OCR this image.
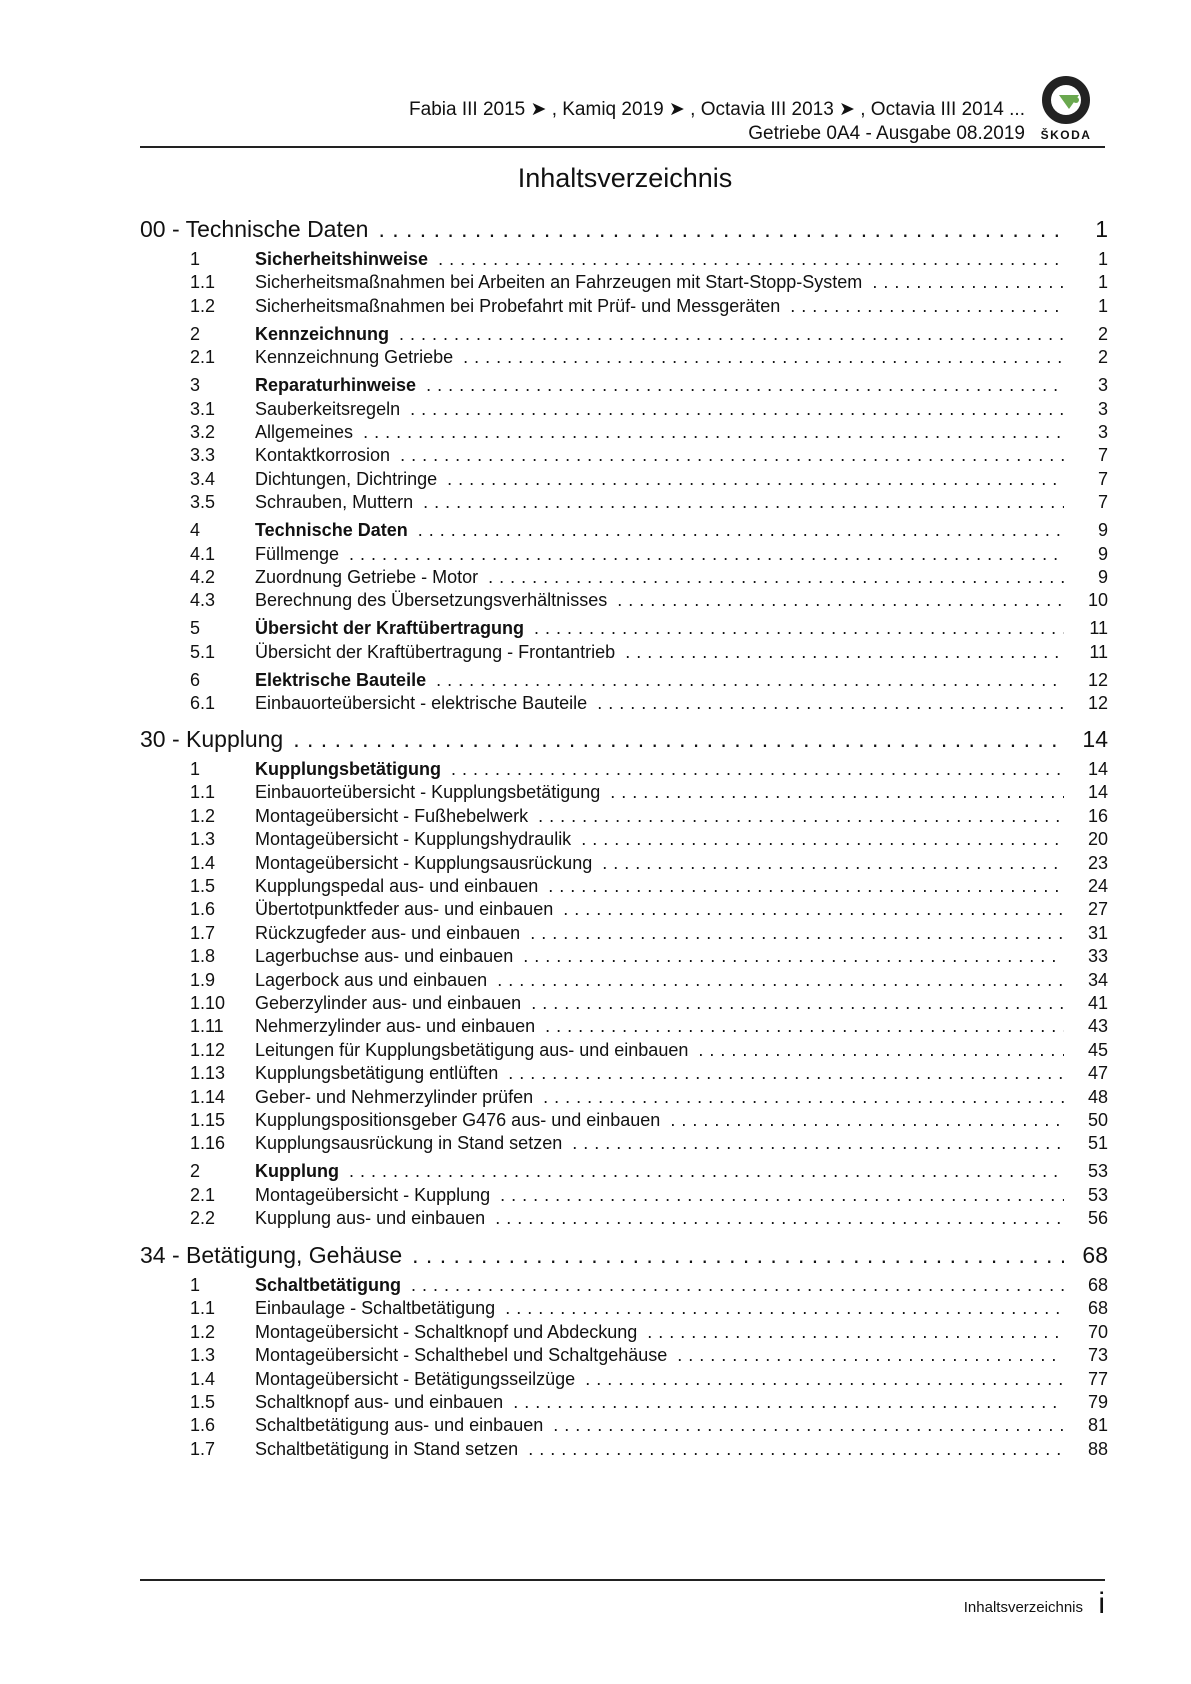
Fabia III 2015 ➤ , Kamiq 2019 ➤ , Octavia III 2013 ➤ , Octavia III 2014 ...
Getriebe 0A4 - Ausgabe 08.2019	ŠKODA
Inhaltsverzeichnis
00 - Technische Daten . . .	1
1	Sicherheitshinweise . . .	1
1.1	Sicherheitsmaßnahmen bei Arbeiten an Fahrzeugen mit Start-Stopp-System . . .	1
1.2	Sicherheitsmaßnahmen bei Probefahrt mit Prüf- und Messgeräten . . .	1
2	Kennzeichnung . . .	2
2.1	Kennzeichnung Getriebe . . .	2
3	Reparaturhinweise . . .	3
3.1	Sauberkeitsregeln . . .	3
3.2	Allgemeines . . .	3
3.3	Kontaktkorrosion . . .	7
3.4	Dichtungen, Dichtringe . . .	7
3.5	Schrauben, Muttern . . .	7
4	Technische Daten . . .	9
4.1	Füllmenge . . .	9
4.2	Zuordnung Getriebe - Motor . . .	9
4.3	Berechnung des Übersetzungsverhältnisses . . .	10
5	Übersicht der Kraftübertragung . . .	11
5.1	Übersicht der Kraftübertragung - Frontantrieb . . .	11
6	Elektrische Bauteile . . .	12
6.1	Einbauorteübersicht - elektrische Bauteile . . .	12
30 - Kupplung . . .	14
1	Kupplungsbetätigung . . .	14
1.1	Einbauorteübersicht - Kupplungsbetätigung . . .	14
1.2	Montageübersicht - Fußhebelwerk . . .	16
1.3	Montageübersicht - Kupplungshydraulik . . .	20
1.4	Montageübersicht - Kupplungsausrückung . . .	23
1.5	Kupplungspedal aus- und einbauen . . .	24
1.6	Übertotpunktfeder aus- und einbauen . . .	27
1.7	Rückzugfeder aus- und einbauen . . .	31
1.8	Lagerbuchse aus- und einbauen . . .	33
1.9	Lagerbock aus und einbauen . . .	34
1.10	Geberzylinder aus- und einbauen . . .	41
1.11	Nehmerzylinder aus- und einbauen . . .	43
1.12	Leitungen für Kupplungsbetätigung aus- und einbauen . . .	45
1.13	Kupplungsbetätigung entlüften . . .	47
1.14	Geber- und Nehmerzylinder prüfen . . .	48
1.15	Kupplungspositionsgeber G476 aus- und einbauen . . .	50
1.16	Kupplungsausrückung in Stand setzen . . .	51
2	Kupplung . . .	53
2.1	Montageübersicht - Kupplung . . .	53
2.2	Kupplung aus- und einbauen . . .	56
34 - Betätigung, Gehäuse . . .	68
1	Schaltbetätigung . . .	68
1.1	Einbaulage - Schaltbetätigung . . .	68
1.2	Montageübersicht - Schaltknopf und Abdeckung . . .	70
1.3	Montageübersicht - Schalthebel und Schaltgehäuse . . .	73
1.4	Montageübersicht - Betätigungsseilzüge . . .	77
1.5	Schaltknopf aus- und einbauen . . .	79
1.6	Schaltbetätigung aus- und einbauen . . .	81
1.7	Schaltbetätigung in Stand setzen . . .	88
Inhaltsverzeichnis i
